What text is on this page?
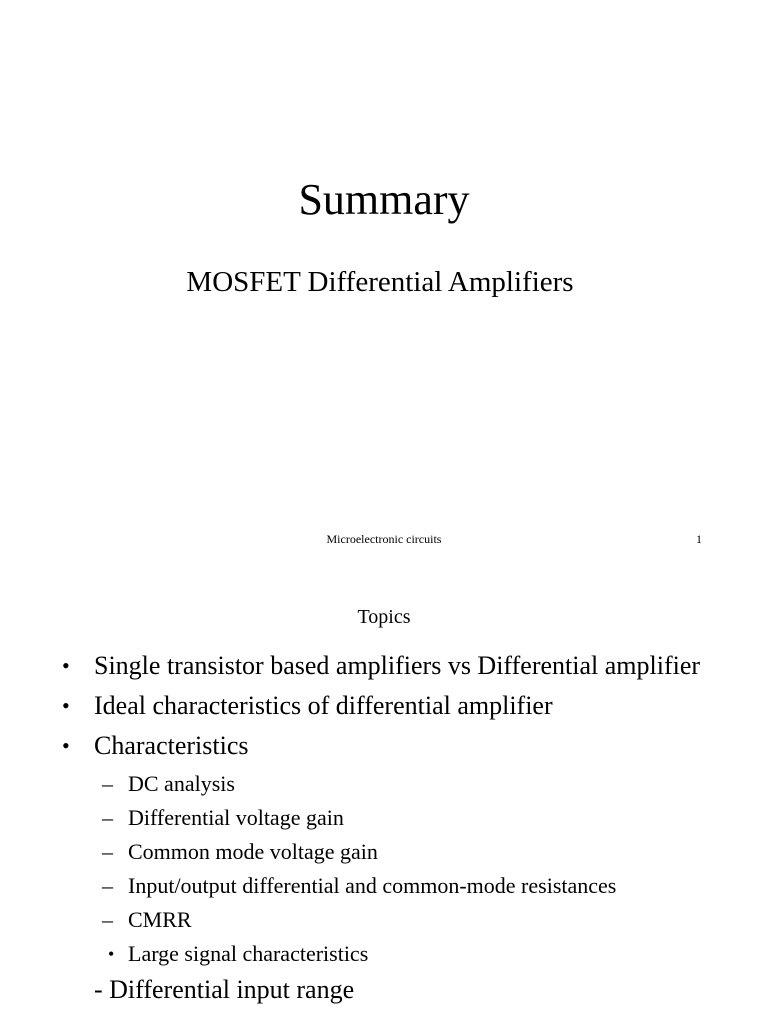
Summary
MOSFET Differential Amplifiers
Microelectronic circuits	1
Topics
• Single transistor based amplifiers vs Differential amplifier
• Ideal characteristics of differential amplifier
• Characteristics
– DC analysis
– Differential voltage gain
– Common mode voltage gain
– Input/output differential and common-mode resistances
– CMRR
• Large signal characteristics
- Differential input range
